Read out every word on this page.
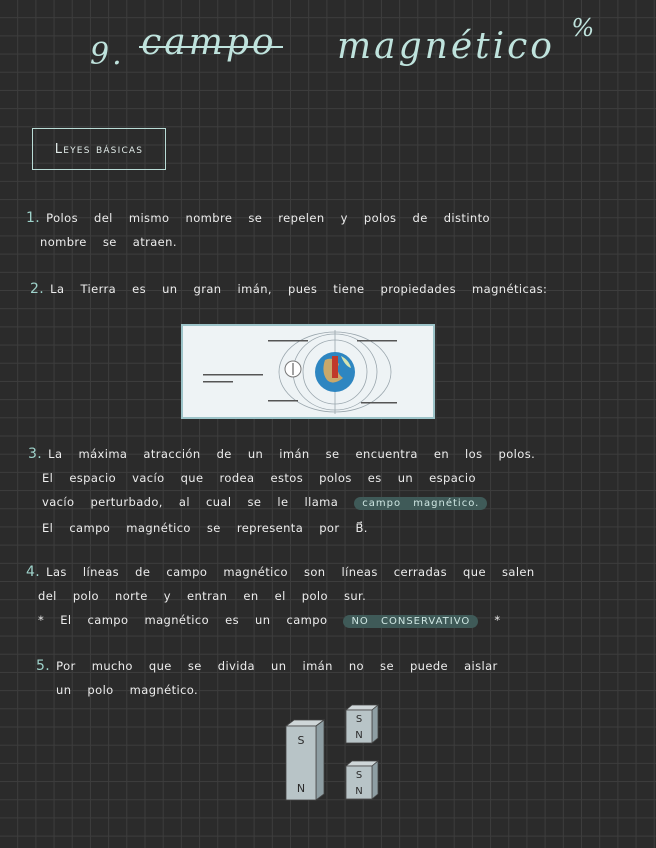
$_{9.}$ campo magnético %
Leyes básicas
1. Polos del mismo nombre se repelen y polos de distinto
nombre se atraen.
2. La Tierra es un gran imán, pues tiene propiedades magnéticas:
3. La máxima atracción de un imán se encuentra en los polos.
El espacio vacío que rodea estos polos es un espacio
vacío perturbado, al cual se le llama campo magnético.
El campo magnético se representa por B⃗.
4. Las líneas de campo magnético son líneas cerradas que salen
del polo norte y entran en el polo sur.
* El campo magnético es un campo NO CONSERVATIVO *
5. Por mucho que se divida un imán no se puede aislar
un polo magnético.
S
N
S
N
S
N
